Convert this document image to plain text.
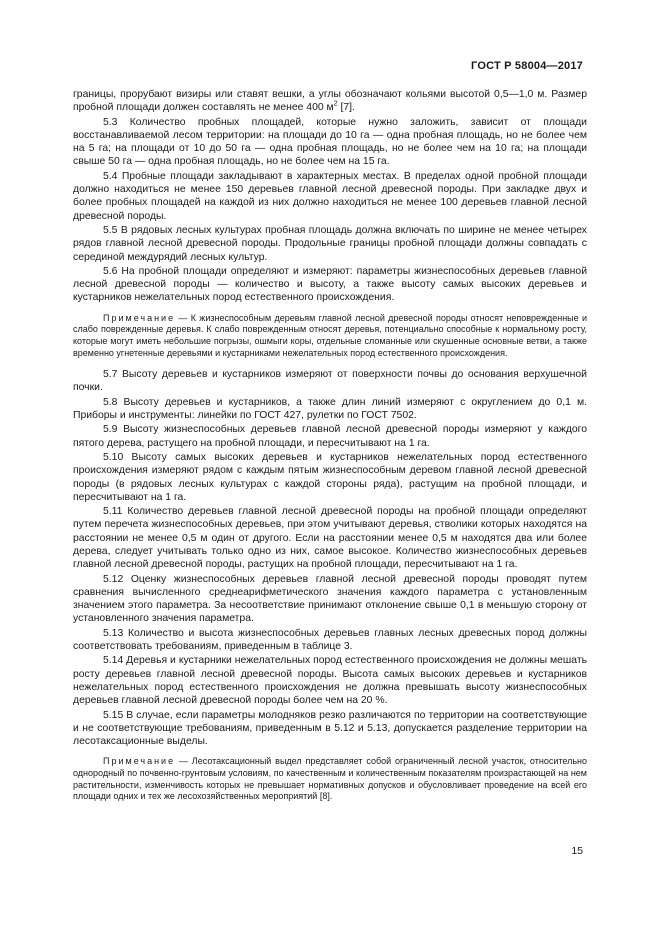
ГОСТ Р 58004—2017

границы, прорубают визиры или ставят вешки, а углы обозначают кольями высотой 0,5—1,0 м. Размер пробной площади должен составлять не менее 400 $м^2$ [7].

5.3 Количество пробных площадей, которые нужно заложить, зависит от площади восстанавливаемой лесом территории: на площади до 10 га — одна пробная площадь, но не более чем на 5 га; на площади от 10 до 50 га — одна пробная площадь, но не более чем на 10 га; на площади свыше 50 га — одна пробная площадь, но не более чем на 15 га.

5.4 Пробные площади закладывают в характерных местах. В пределах одной пробной площади должно находиться не менее 150 деревьев главной лесной древесной породы. При закладке двух и более пробных площадей на каждой из них должно находиться не менее 100 деревьев главной лесной древесной породы.

5.5 В рядовых лесных культурах пробная площадь должна включать по ширине не менее четырех рядов главной лесной древесной породы. Продольные границы пробной площади должны совпадать с серединой междурядий лесных культур.

5.6 На пробной площади определяют и измеряют: параметры жизнеспособных деревьев главной лесной древесной породы — количество и высоту, а также высоту самых высоких деревьев и кустарников нежелательных пород естественного происхождения.

Примечание — К жизнеспособным деревьям главной лесной древесной породы относят неповрежденные и слабо поврежденные деревья. К слабо поврежденным относят деревья, потенциально способные к нормальному росту, которые могут иметь небольшие погрызы, ошмыги коры, отдельные сломанные или скушенные основные ветви, а также временно угнетенные деревьями и кустарниками нежелательных пород естественного происхождения.

5.7 Высоту деревьев и кустарников измеряют от поверхности почвы до основания верхушечной почки.

5.8 Высоту деревьев и кустарников, а также длин линий измеряют с округлением до 0,1 м. Приборы и инструменты: линейки по ГОСТ 427, рулетки по ГОСТ 7502.

5.9 Высоту жизнеспособных деревьев главной лесной древесной породы измеряют у каждого пятого дерева, растущего на пробной площади, и пересчитывают на 1 га.

5.10 Высоту самых высоких деревьев и кустарников нежелательных пород естественного происхождения измеряют рядом с каждым пятым жизнеспособным деревом главной лесной древесной породы (в рядовых лесных культурах с каждой стороны ряда), растущим на пробной площади, и пересчитывают на 1 га.

5.11 Количество деревьев главной лесной древесной породы на пробной площади определяют путем перечета жизнеспособных деревьев, при этом учитывают деревья, стволики которых находятся на расстоянии не менее 0,5 м один от другого. Если на расстоянии менее 0,5 м находятся два или более дерева, следует учитывать только одно из них, самое высокое. Количество жизнеспособных деревьев главной лесной древесной породы, растущих на пробной площади, пересчитывают на 1 га.

5.12 Оценку жизнеспособных деревьев главной лесной древесной породы проводят путем сравнения вычисленного среднеарифметического значения каждого параметра с установленным значением этого параметра. За несоответствие принимают отклонение свыше 0,1 в меньшую сторону от установленного значения параметра.

5.13 Количество и высота жизнеспособных деревьев главных лесных древесных пород должны соответствовать требованиям, приведенным в таблице 3.

5.14 Деревья и кустарники нежелательных пород естественного происхождения не должны мешать росту деревьев главной лесной древесной породы. Высота самых высоких деревьев и кустарников нежелательных пород естественного происхождения не должна превышать высоту жизнеспособных деревьев главной лесной древесной породы более чем на 20 %.

5.15 В случае, если параметры молодняков резко различаются по территории на соответствующие и не соответствующие требованиям, приведенным в 5.12 и 5.13, допускается разделение территории на лесотаксационные выделы.

Примечание — Лесотаксационный выдел представляет собой ограниченный лесной участок, относительно однородный по почвенно-грунтовым условиям, по качественным и количественным показателям произрастающей на нем растительности, изменчивость которых не превышает нормативных допусков и обусловливает проведение на всей его площади одних и тех же лесохозяйственных мероприятий [8].

15
